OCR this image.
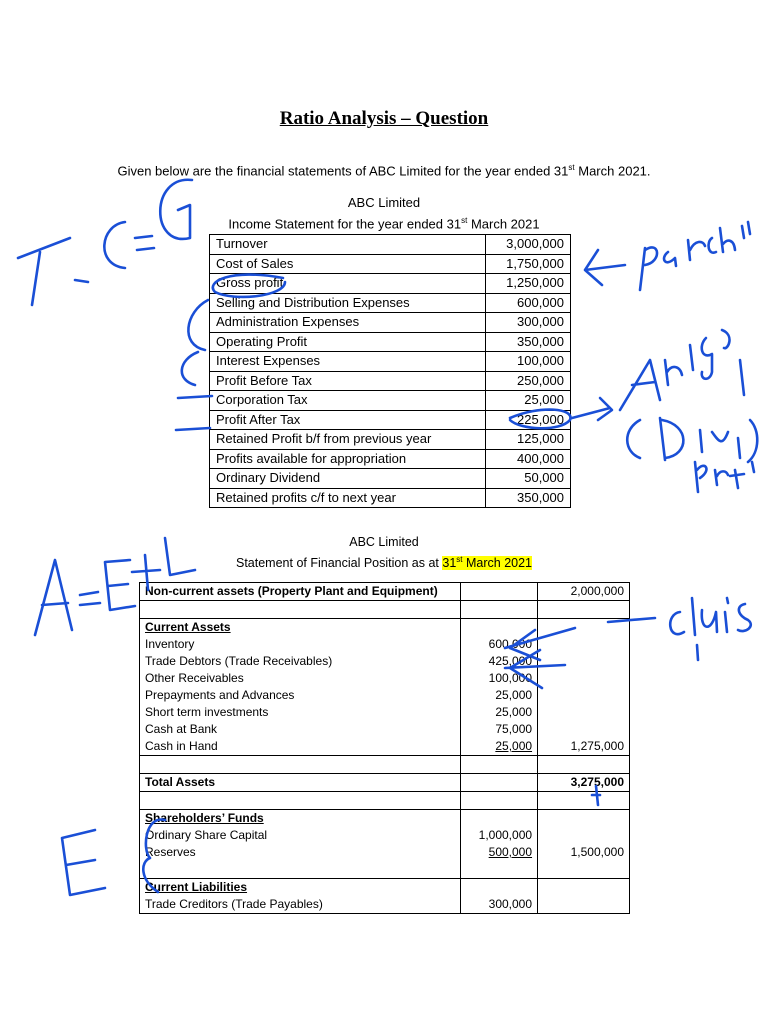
Ratio Analysis – Question
Given below are the financial statements of ABC Limited for the year ended 31st March 2021.
ABC Limited
Income Statement for the year ended 31st March 2021
Turnover	3,000,000
Cost of Sales	1,750,000
Gross profit	1,250,000
Selling and Distribution Expenses	600,000
Administration Expenses	300,000
Operating Profit	350,000
Interest Expenses	100,000
Profit Before Tax	250,000
Corporation Tax	25,000
Profit After Tax	225,000
Retained Profit b/f from previous year	125,000
Profits available for appropriation	400,000
Ordinary Dividend	50,000
Retained profits c/f to next year	350,000
ABC Limited
Statement of Financial Position as at 31st March 2021
Non-current assets (Property Plant and Equipment)		2,000,000

Current Assets		
Inventory	600,000	
Trade Debtors (Trade Receivables)	425,000	
Other Receivables	100,000	
Prepayments and Advances	25,000	
Short term investments	25,000	
Cash at Bank	75,000	
Cash in Hand	25,000	1,275,000

Total Assets		3,275,000

Shareholders’ Funds		
Ordinary Share Capital	1,000,000	
Reserves	500,000	1,500,000

Current Liabilities		
Trade Creditors (Trade Payables)	300,000	
